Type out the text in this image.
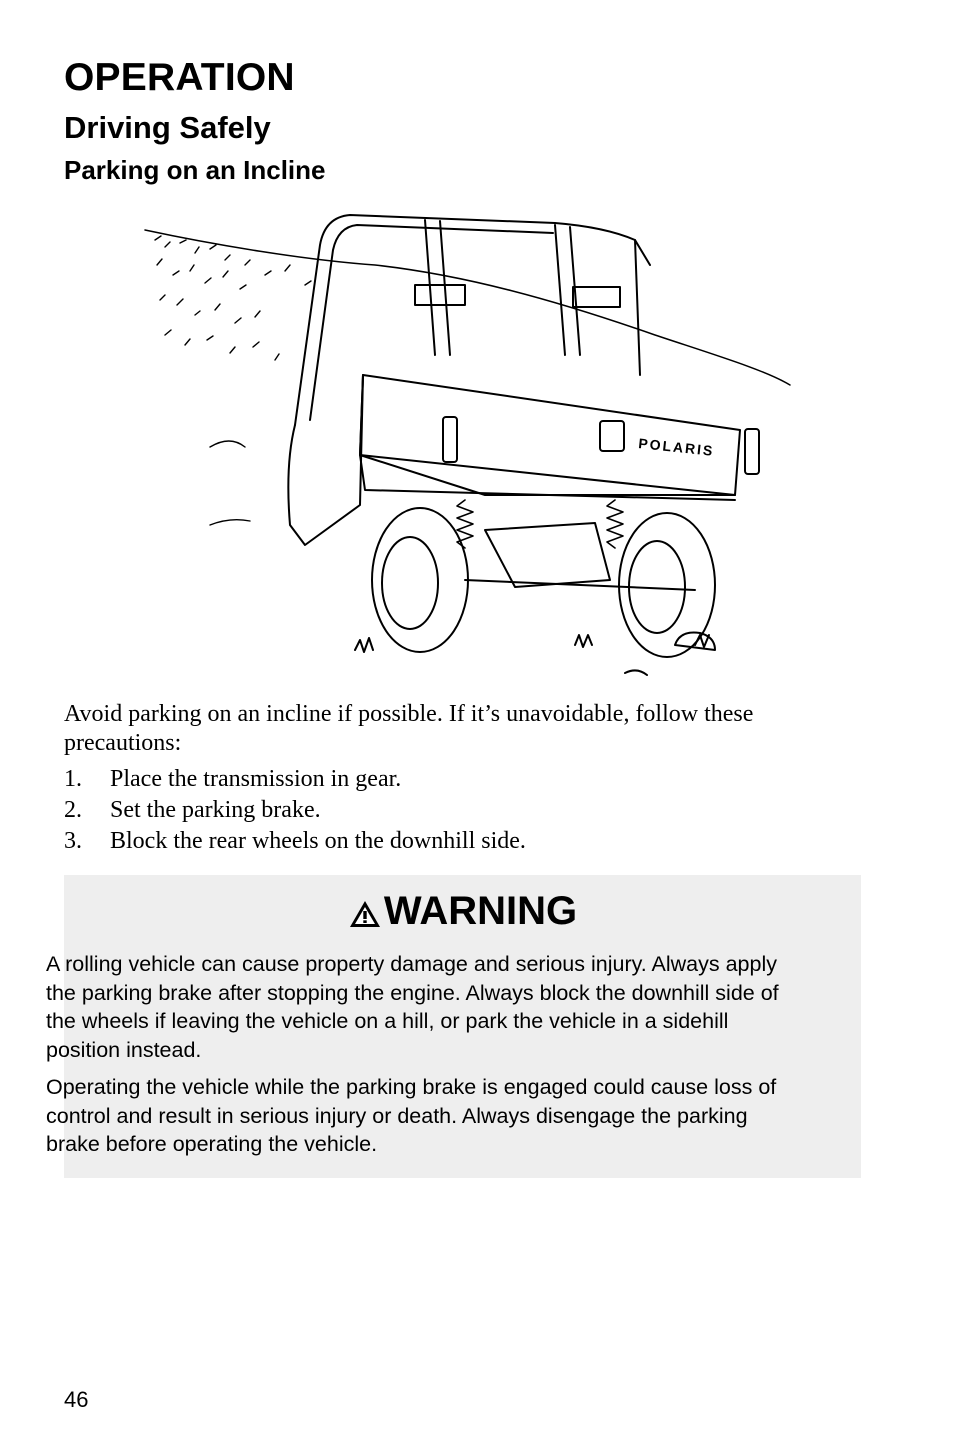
OPERATION
Driving Safely
Parking on an Incline
POLARIS

Avoid parking on an incline if possible. If it’s unavoidable, follow these precautions:

1.	Place the transmission in gear.
2.	Set the parking brake.
3.	Block the rear wheels on the downhill side.
WARNING

A rolling vehicle can cause property damage and serious injury. Always apply the parking brake after stopping the engine. Always block the downhill side of the wheels if leaving the vehicle on a hill, or park the vehicle in a sidehill position instead.

Operating the vehicle while the parking brake is engaged could cause loss of control and result in serious injury or death. Always disengage the parking brake before operating the vehicle.

46
